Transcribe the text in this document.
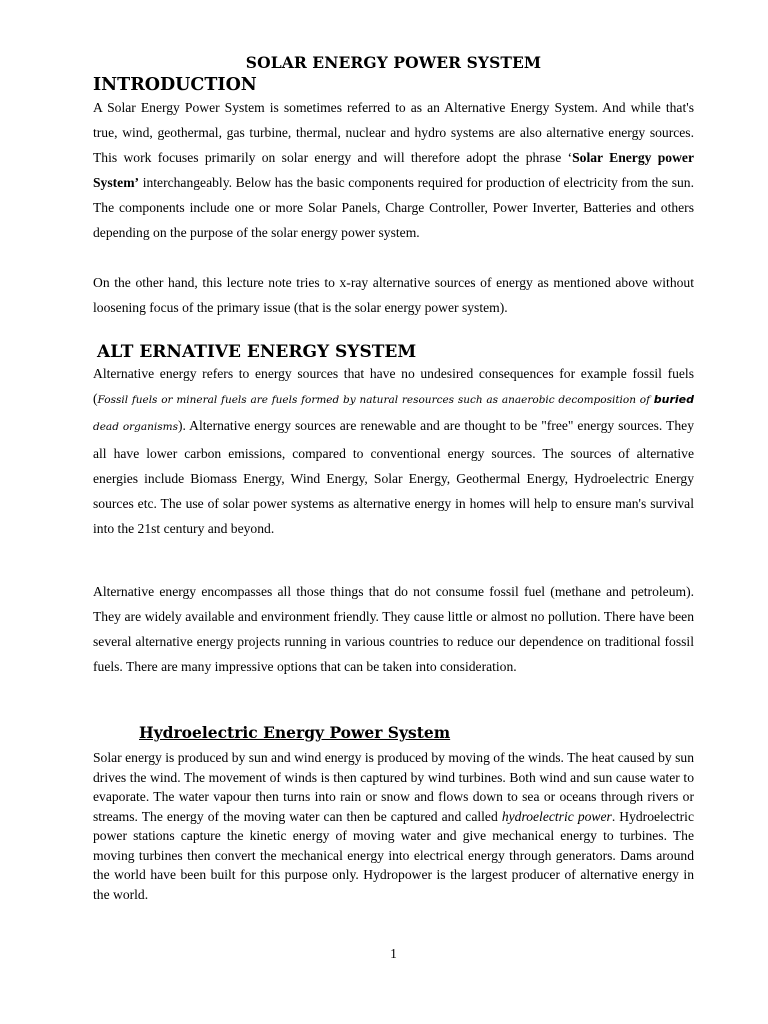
SOLAR ENERGY POWER SYSTEM
INTRODUCTION

A Solar Energy Power System is sometimes referred to as an Alternative Energy System. And while that's true, wind, geothermal, gas turbine, thermal, nuclear and hydro systems are also alternative energy sources. This work focuses primarily on solar energy and will therefore adopt the phrase ‘Solar Energy power System’ interchangeably. Below has the basic components required for production of electricity from the sun. The components include one or more Solar Panels, Charge Controller, Power Inverter, Batteries and others depending on the purpose of the solar energy power system.

On the other hand, this lecture note tries to x-ray alternative sources of energy as mentioned above without loosening focus of the primary issue (that is the solar energy power system).

ALT ERNATIVE ENERGY SYSTEM

Alternative energy refers to energy sources that have no undesired consequences for example fossil fuels (Fossil fuels or mineral fuels are fuels formed by natural resources such as anaerobic decomposition of buried dead organisms). Alternative energy sources are renewable and are thought to be "free" energy sources. They all have lower carbon emissions, compared to conventional energy sources. The sources of alternative energies include Biomass Energy, Wind Energy, Solar Energy, Geothermal Energy, Hydroelectric Energy sources etc. The use of solar power systems as alternative energy in homes will help to ensure man's survival into the 21st century and beyond.

Alternative energy encompasses all those things that do not consume fossil fuel (methane and petroleum). They are widely available and environment friendly. They cause little or almost no pollution. There have been several alternative energy projects running in various countries to reduce our dependence on traditional fossil fuels. There are many impressive options that can be taken into consideration.

Hydroelectric Energy Power System

Solar energy is produced by sun and wind energy is produced by moving of the winds. The heat caused by sun drives the wind. The movement of winds is then captured by wind turbines. Both wind and sun cause water to evaporate. The water vapour then turns into rain or snow and flows down to sea or oceans through rivers or streams. The energy of the moving water can then be captured and called hydroelectric power. Hydroelectric power stations capture the kinetic energy of moving water and give mechanical energy to turbines. The moving turbines then convert the mechanical energy into electrical energy through generators. Dams around the world have been built for this purpose only. Hydropower is the largest producer of alternative energy in the world.

1
